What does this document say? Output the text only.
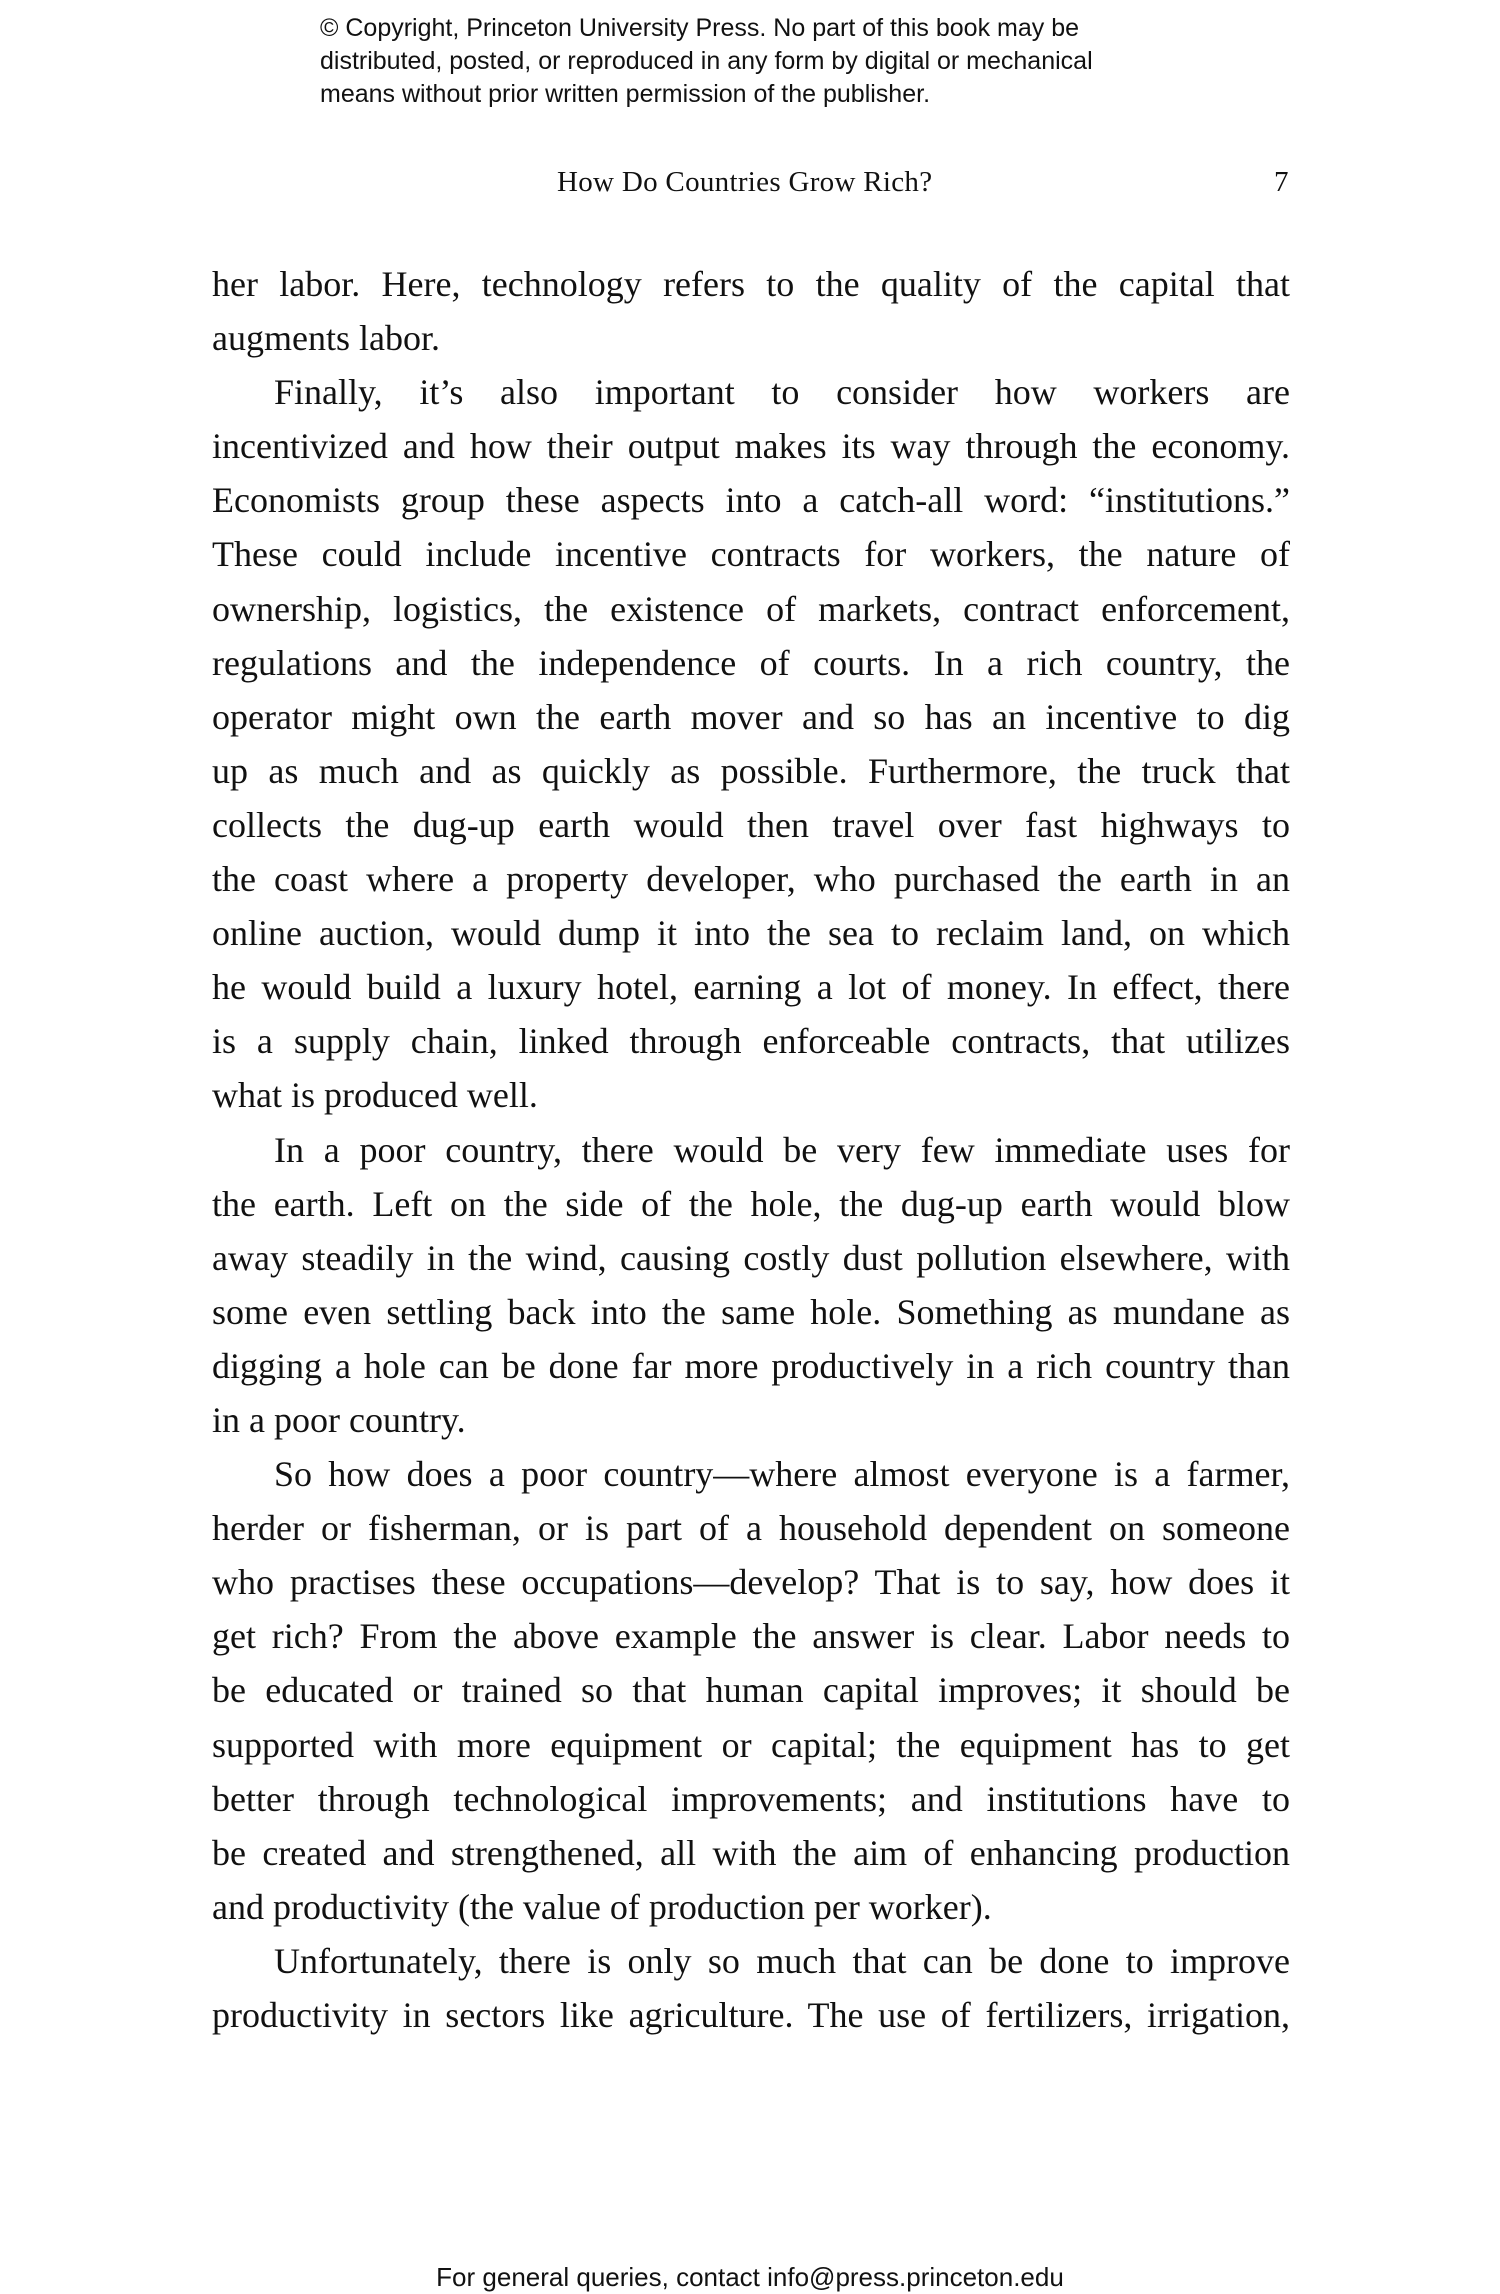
© Copyright, Princeton University Press. No part of this book may be
distributed, posted, or reproduced in any form by digital or mechanical
means without prior written permission of the publisher.
How Do Countries Grow Rich?	7
her labor. Here, technology refers to the quality of the capital that
augments labor.
Finally, it’s also important to consider how workers are
incentivized and how their output makes its way through the economy.
Economists group these aspects into a catch-all word: “institutions.”
These could include incentive contracts for workers, the nature of
ownership, logistics, the existence of markets, contract enforcement,
regulations and the independence of courts. In a rich country, the
operator might own the earth mover and so has an incentive to dig
up as much and as quickly as possible. Furthermore, the truck that
collects the dug-up earth would then travel over fast highways to
the coast where a property developer, who purchased the earth in an
online auction, would dump it into the sea to reclaim land, on which
he would build a luxury hotel, earning a lot of money. In effect, there
is a supply chain, linked through enforceable contracts, that utilizes
what is produced well.
In a poor country, there would be very few immediate uses for
the earth. Left on the side of the hole, the dug-up earth would blow
away steadily in the wind, causing costly dust pollution elsewhere, with
some even settling back into the same hole. Something as mundane as
digging a hole can be done far more productively in a rich country than
in a poor country.
So how does a poor country—where almost everyone is a farmer,
herder or fisherman, or is part of a household dependent on someone
who practises these occupations—develop? That is to say, how does it
get rich? From the above example the answer is clear. Labor needs to
be educated or trained so that human capital improves; it should be
supported with more equipment or capital; the equipment has to get
better through technological improvements; and institutions have to
be created and strengthened, all with the aim of enhancing production
and productivity (the value of production per worker).
Unfortunately, there is only so much that can be done to improve
productivity in sectors like agriculture. The use of fertilizers, irrigation,
For general queries, contact info@press.princeton.edu
